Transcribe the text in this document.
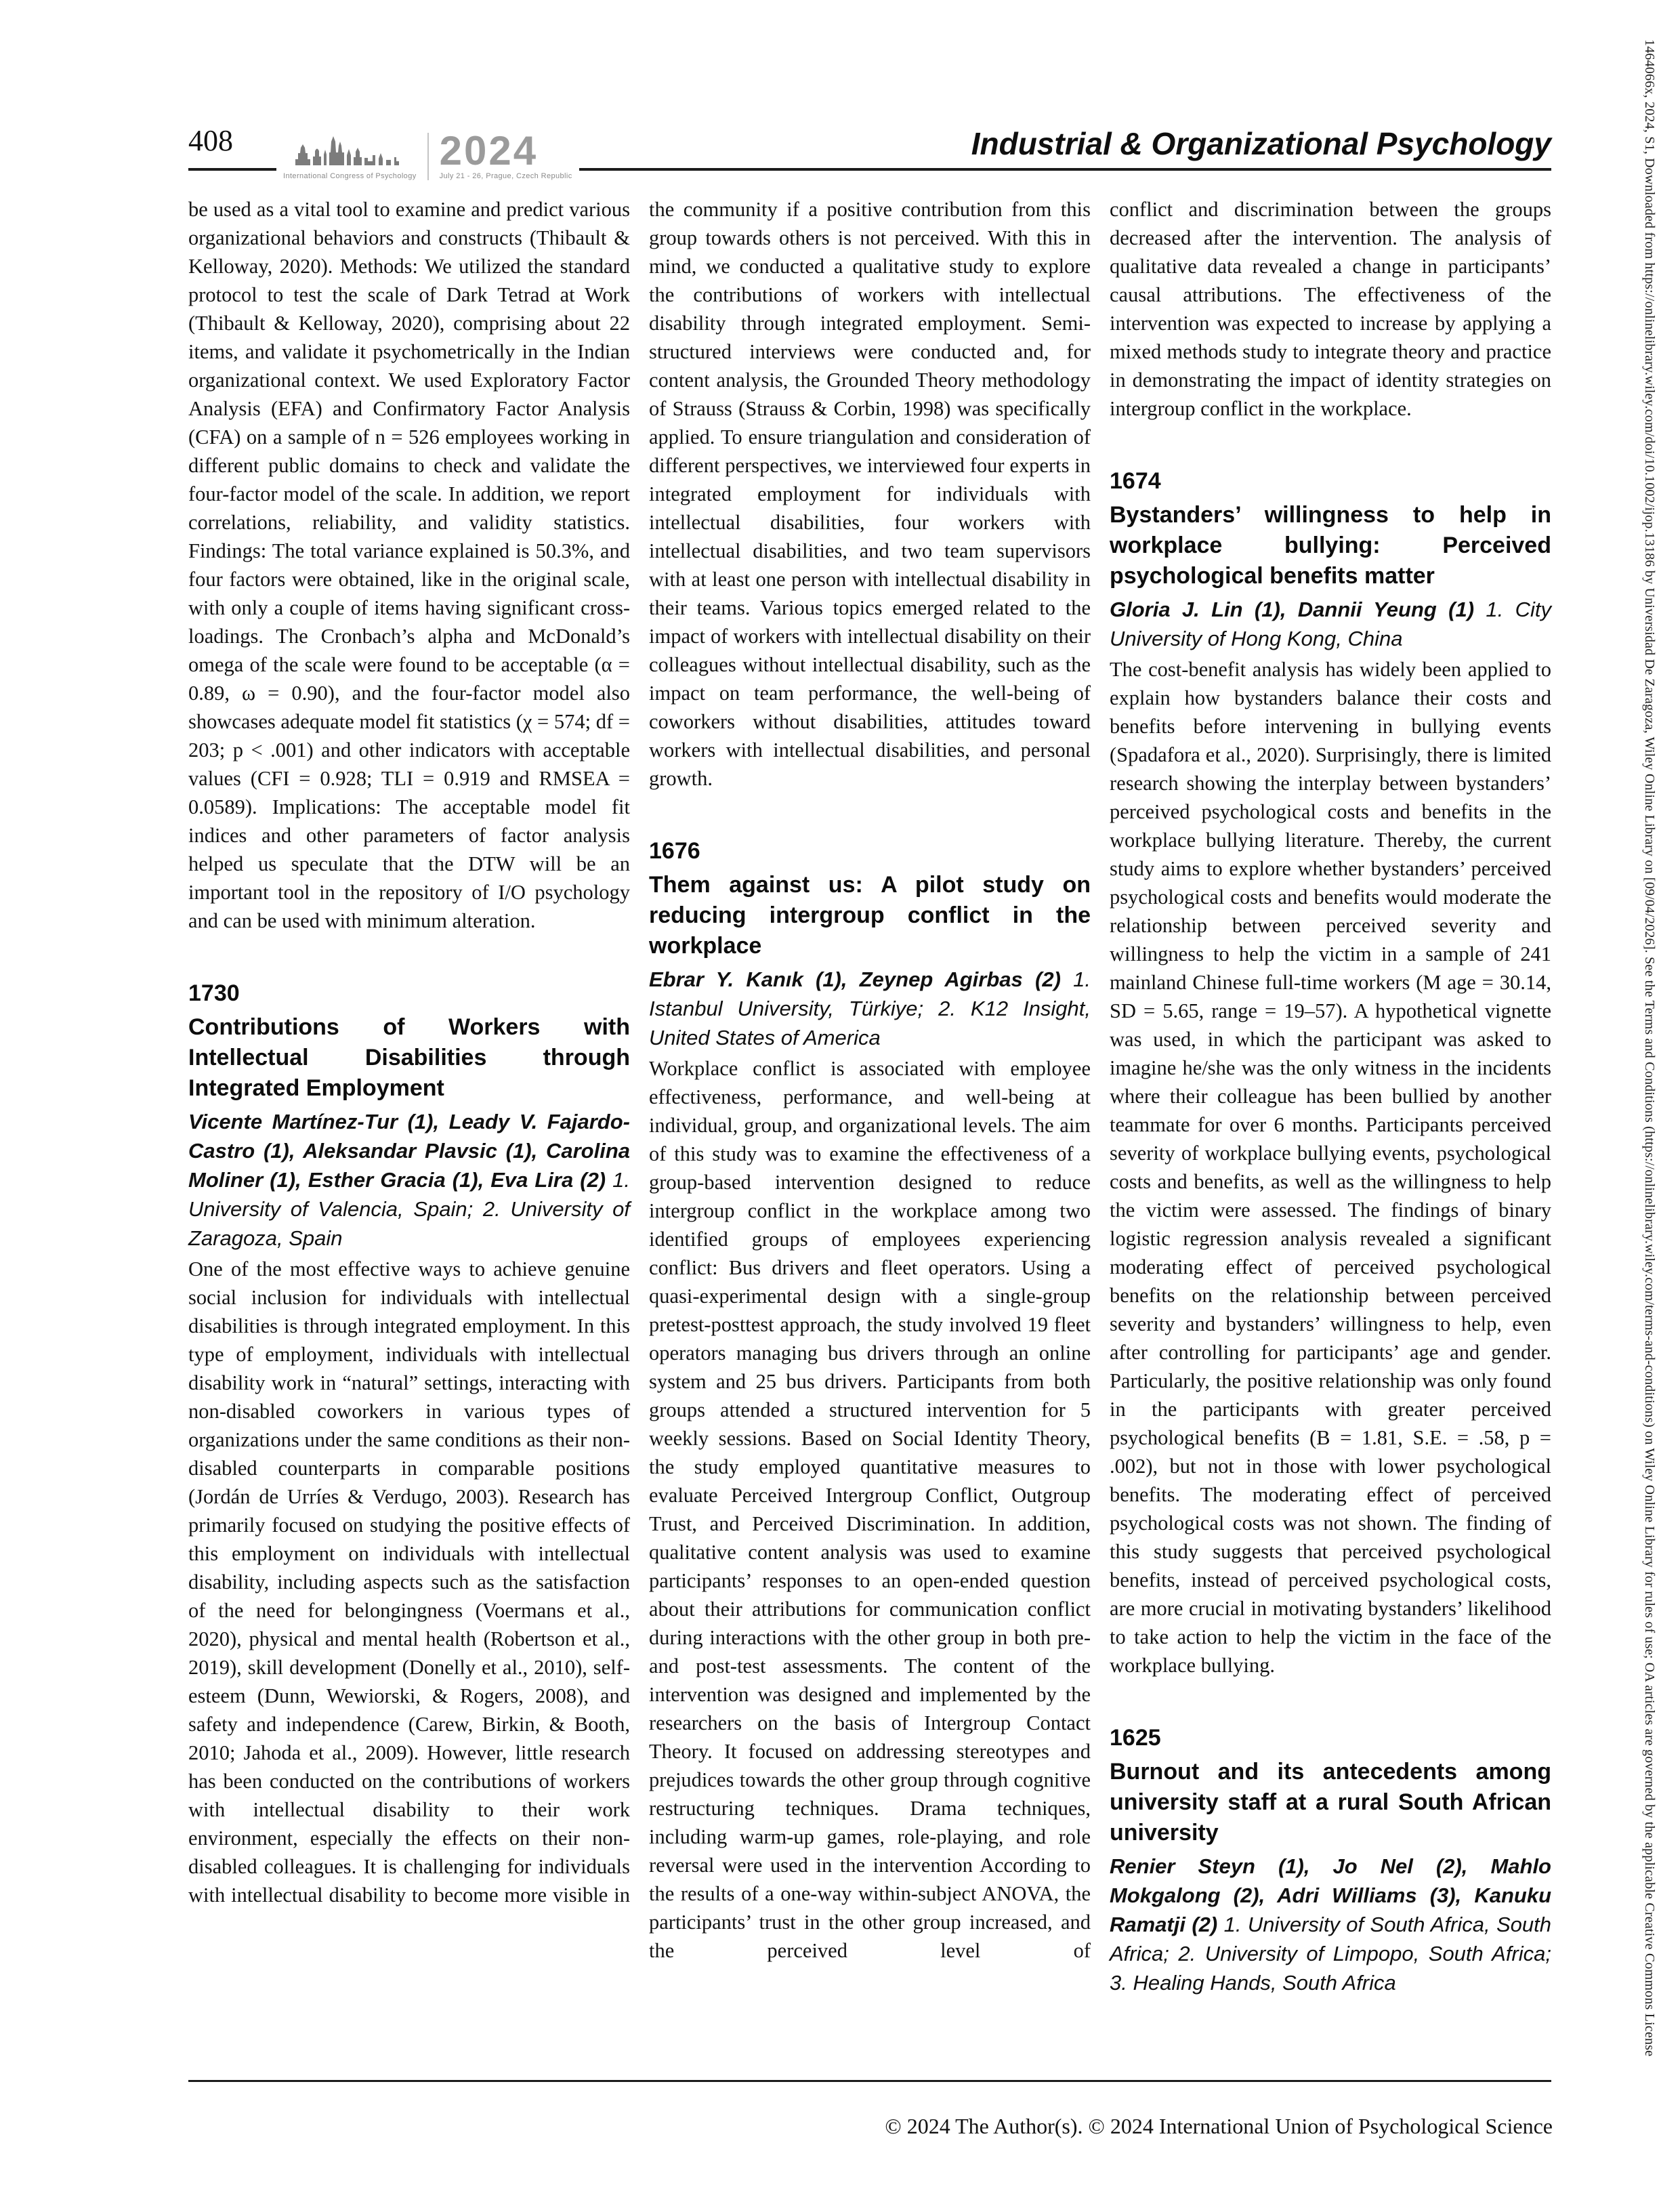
408	Industrial & Organizational Psychology
International Congress of Psychology
2024
July 21 - 26, Prague, Czech Republic

be used as a vital tool to examine and predict various organizational behaviors and constructs (Thibault & Kelloway, 2020). Methods: We utilized the standard protocol to test the scale of Dark Tetrad at Work (Thibault & Kelloway, 2020), comprising about 22 items, and validate it psychometrically in the Indian organizational context. We used Exploratory Factor Analysis (EFA) and Confirmatory Factor Analysis (CFA) on a sample of n = 526 employees working in different public domains to check and validate the four-factor model of the scale. In addition, we report correlations, reliability, and validity statistics. Findings: The total variance explained is 50.3%, and four factors were obtained, like in the original scale, with only a couple of items having significant cross-loadings. The Cronbach’s alpha and McDonald’s omega of the scale were found to be acceptable (α = 0.89, ω = 0.90), and the four-factor model also showcases adequate model fit statistics (χ = 574; df = 203; p < .001) and other indicators with acceptable values (CFI = 0.928; TLI = 0.919 and RMSEA = 0.0589). Implications: The acceptable model fit indices and other parameters of factor analysis helped us speculate that the DTW will be an important tool in the repository of I/O psychology and can be used with minimum alteration.

1730
Contributions of Workers with Intellectual Disabilities through Integrated Employment

Vicente Martínez-Tur (1), Leady V. Fajardo-Castro (1), Aleksandar Plavsic (1), Carolina Moliner (1), Esther Gracia (1), Eva Lira (2) 1. University of Valencia, Spain; 2. University of Zaragoza, Spain

One of the most effective ways to achieve genuine social inclusion for individuals with intellectual disabilities is through integrated employment. In this type of employment, individuals with intellectual disability work in “natural” settings, interacting with non-disabled coworkers in various types of organizations under the same conditions as their non-disabled counterparts in comparable positions (Jordán de Urríes & Verdugo, 2003). Research has primarily focused on studying the positive effects of this employment on individuals with intellectual disability, including aspects such as the satisfaction of the need for belongingness (Voermans et al., 2020), physical and mental health (Robertson et al., 2019), skill development (Donelly et al., 2010), self-esteem (Dunn, Wewiorski, & Rogers, 2008), and safety and independence (Carew, Birkin, & Booth, 2010; Jahoda et al., 2009). However, little research has been conducted on the contributions of workers with intellectual disability to their work environment, especially the effects on their non-disabled colleagues. It is challenging for individuals with intellectual disability to become more visible in

the community if a positive contribution from this group towards others is not perceived. With this in mind, we conducted a qualitative study to explore the contributions of workers with intellectual disability through integrated employment. Semi-structured interviews were conducted and, for content analysis, the Grounded Theory methodology of Strauss (Strauss & Corbin, 1998) was specifically applied. To ensure triangulation and consideration of different perspectives, we interviewed four experts in integrated employment for individuals with intellectual disabilities, four workers with intellectual disabilities, and two team supervisors with at least one person with intellectual disability in their teams. Various topics emerged related to the impact of workers with intellectual disability on their colleagues without intellectual disability, such as the impact on team performance, the well-being of coworkers without disabilities, attitudes toward workers with intellectual disabilities, and personal growth.

1676
Them against us: A pilot study on reducing intergroup conflict in the workplace

Ebrar Y. Kanık (1), Zeynep Agirbas (2) 1. Istanbul University, Türkiye; 2. K12 Insight, United States of America

Workplace conflict is associated with employee effectiveness, performance, and well-being at individual, group, and organizational levels. The aim of this study was to examine the effectiveness of a group-based intervention designed to reduce intergroup conflict in the workplace among two identified groups of employees experiencing conflict: Bus drivers and fleet operators. Using a quasi-experimental design with a single-group pretest-posttest approach, the study involved 19 fleet operators managing bus drivers through an online system and 25 bus drivers. Participants from both groups attended a structured intervention for 5 weekly sessions. Based on Social Identity Theory, the study employed quantitative measures to evaluate Perceived Intergroup Conflict, Outgroup Trust, and Perceived Discrimination. In addition, qualitative content analysis was used to examine participants’ responses to an open-ended question about their attributions for communication conflict during interactions with the other group in both pre-and post-test assessments. The content of the intervention was designed and implemented by the researchers on the basis of Intergroup Contact Theory. It focused on addressing stereotypes and prejudices towards the other group through cognitive restructuring techniques. Drama techniques, including warm-up games, role-playing, and role reversal were used in the intervention According to the results of a one-way within-subject ANOVA, the participants’ trust in the other group increased, and the perceived level of

conflict and discrimination between the groups decreased after the intervention. The analysis of qualitative data revealed a change in participants’ causal attributions. The effectiveness of the intervention was expected to increase by applying a mixed methods study to integrate theory and practice in demonstrating the impact of identity strategies on intergroup conflict in the workplace.

1674
Bystanders’ willingness to help in workplace bullying: Perceived psychological benefits matter

Gloria J. Lin (1), Dannii Yeung (1) 1. City University of Hong Kong, China

The cost-benefit analysis has widely been applied to explain how bystanders balance their costs and benefits before intervening in bullying events (Spadafora et al., 2020). Surprisingly, there is limited research showing the interplay between bystanders’ perceived psychological costs and benefits in the workplace bullying literature. Thereby, the current study aims to explore whether bystanders’ perceived psychological costs and benefits would moderate the relationship between perceived severity and willingness to help the victim in a sample of 241 mainland Chinese full-time workers (M age = 30.14, SD = 5.65, range = 19–57). A hypothetical vignette was used, in which the participant was asked to imagine he/she was the only witness in the incidents where their colleague has been bullied by another teammate for over 6 months. Participants perceived severity of workplace bullying events, psychological costs and benefits, as well as the willingness to help the victim were assessed. The findings of binary logistic regression analysis revealed a significant moderating effect of perceived psychological benefits on the relationship between perceived severity and bystanders’ willingness to help, even after controlling for participants’ age and gender. Particularly, the positive relationship was only found in the participants with greater perceived psychological benefits (B = 1.81, S.E. = .58, p = .002), but not in those with lower psychological benefits. The moderating effect of perceived psychological costs was not shown. The finding of this study suggests that perceived psychological benefits, instead of perceived psychological costs, are more crucial in motivating bystanders’ likelihood to take action to help the victim in the face of the workplace bullying.

1625
Burnout and its antecedents among university staff at a rural South African university

Renier Steyn (1), Jo Nel (2), Mahlo Mokgalong (2), Adri Williams (3), Kanuku Ramatji (2) 1. University of South Africa, South Africa; 2. University of Limpopo, South Africa; 3. Healing Hands, South Africa	1464066x, 2024, S1, Downloaded from https://onlinelibrary.wiley.com/doi/10.1002/ijop.13186 by Universidad De Zaragoza, Wiley Online Library on [09/04/2026]. See the Terms and Conditions (https://onlinelibrary.wiley.com/terms-and-conditions) on Wiley Online Library for rules of use; OA articles are governed by the applicable Creative Commons License
© 2024 The Author(s). © 2024 International Union of Psychological Science
